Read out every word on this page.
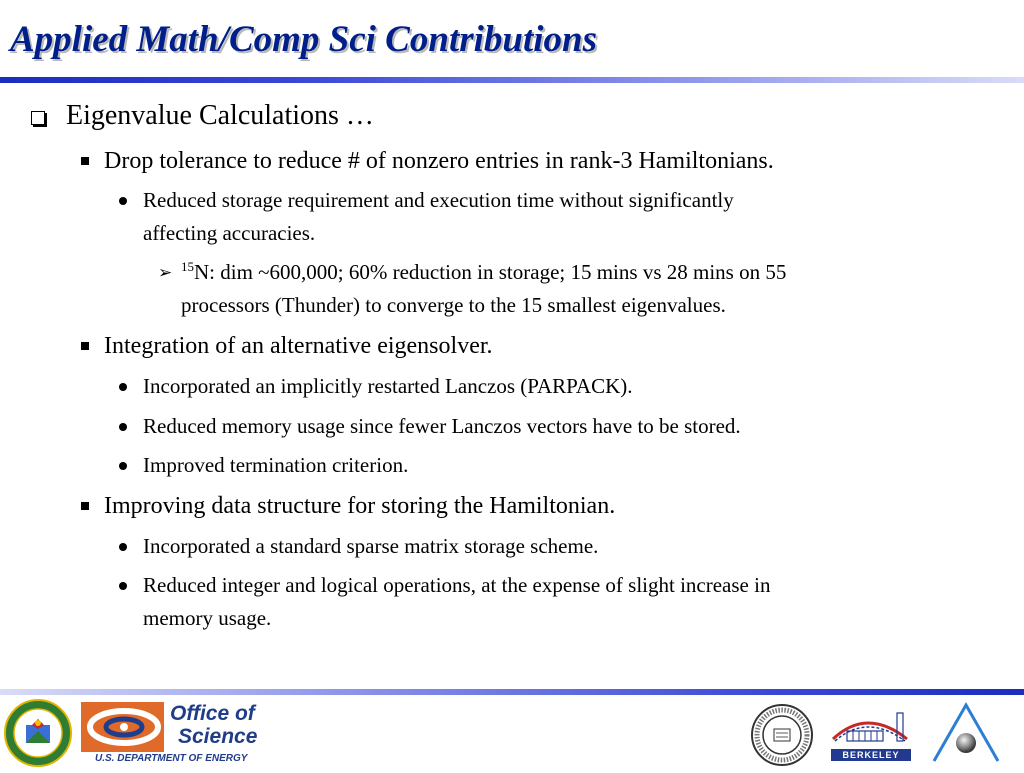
Applied Math/Comp Sci Contributions
Eigenvalue Calculations …
Drop tolerance to reduce # of nonzero entries in rank-3 Hamiltonians.
Reduced storage requirement and execution time without significantly
affecting accuracies.
➢ $^{15}$N: dim ~600,000; 60% reduction in storage; 15 mins vs 28 mins on 55
processors (Thunder) to converge to the 15 smallest eigenvalues.
Integration of an alternative eigensolver.
Incorporated an implicitly restarted Lanczos (PARPACK).
Reduced memory usage since fewer Lanczos vectors have to be stored.
Improved termination criterion.
Improving data structure for storing the Hamiltonian.
Incorporated a standard sparse matrix storage scheme.
Reduced integer and logical operations, at the expense of slight increase in
memory usage.
Office of
Science
U.S. DEPARTMENT OF ENERGY	BERKELEY LAB
